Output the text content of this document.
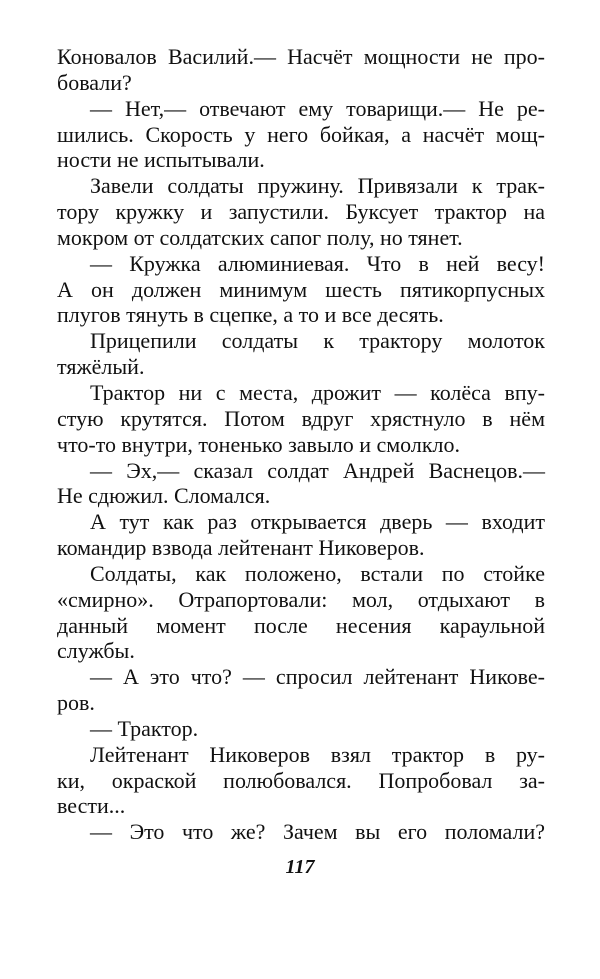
Коновалов Василий.— Насчёт мощности не про-
бовали?
— Нет,— отвечают ему товарищи.— Не ре-
шились. Скорость у него бойкая, а насчёт мощ-
ности не испытывали.
Завели солдаты пружину. Привязали к трак-
тору кружку и запустили. Буксует трактор на
мокром от солдатских сапог полу, но тянет.
— Кружка алюминиевая. Что в ней весу!
А он должен минимум шесть пятикорпусных
плугов тянуть в сцепке, а то и все десять.
Прицепили солдаты к трактору молоток
тяжёлый.
Трактор ни с места, дрожит — колёса впу-
стую крутятся. Потом вдруг хрястнуло в нём
что-то внутри, тоненько завыло и смолкло.
— Эх,— сказал солдат Андрей Васнецов.—
Не сдюжил. Сломался.
А тут как раз открывается дверь — входит
командир взвода лейтенант Никоверов.
Солдаты, как положено, встали по стойке
«смирно». Отрапортовали: мол, отдыхают в
данный момент после несения караульной
службы.
— А это что? — спросил лейтенант Никове-
ров.
— Трактор.
Лейтенант Никоверов взял трактор в ру-
ки, окраской полюбовался. Попробовал за-
вести...
— Это что же? Зачем вы его поломали?
117
